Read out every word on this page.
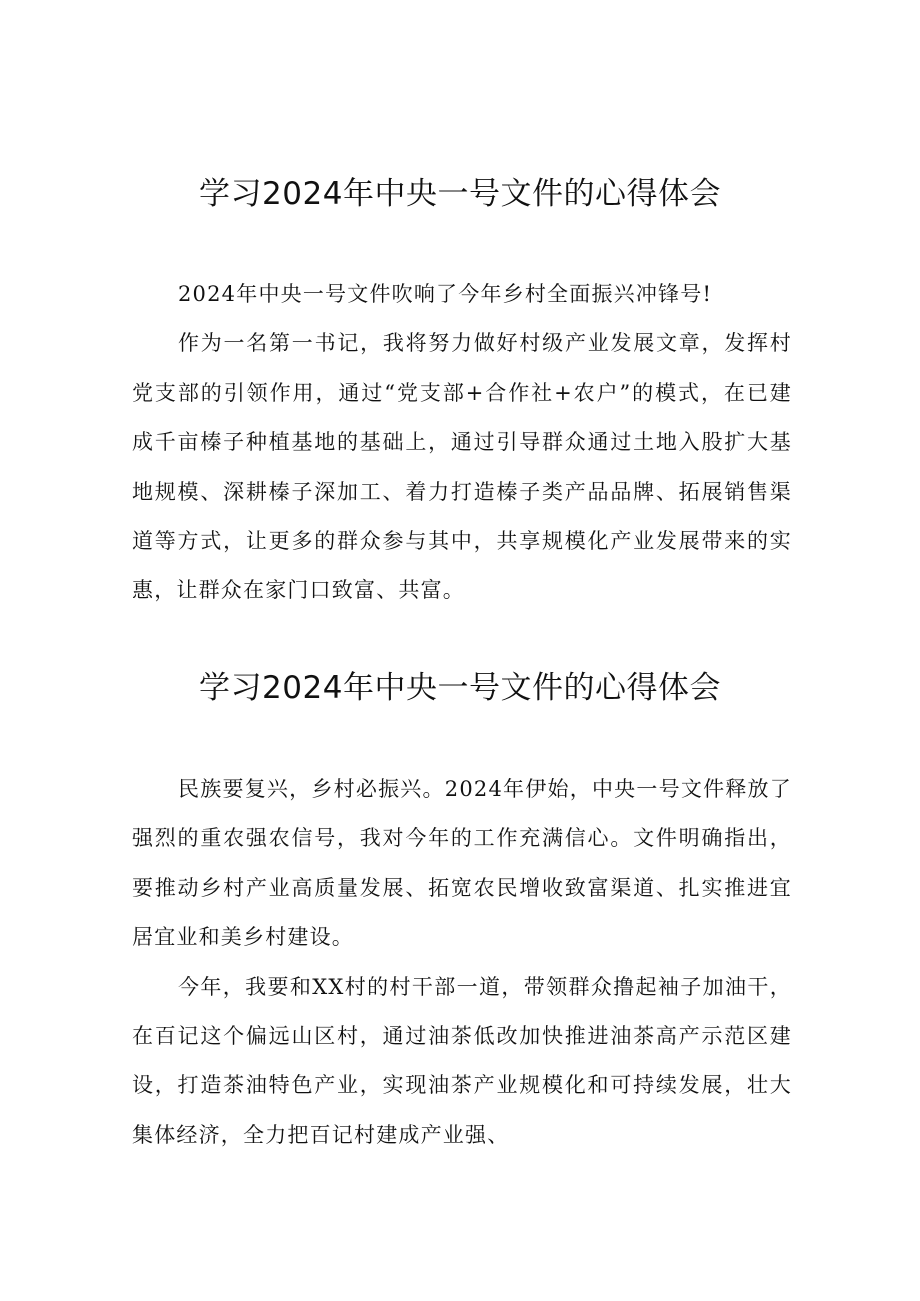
学习2024年中央一号文件的心得体会

2024年中央一号文件吹响了今年乡村全面振兴冲锋号!

作为一名第一书记，我将努力做好村级产业发展文章，发挥村党支部的引领作用，通过“党支部+合作社+农户”的模式，在已建成千亩榛子种植基地的基础上，通过引导群众通过土地入股扩大基地规模、深耕榛子深加工、着力打造榛子类产品品牌、拓展销售渠道等方式，让更多的群众参与其中，共享规模化产业发展带来的实惠，让群众在家门口致富、共富。

学习2024年中央一号文件的心得体会

民族要复兴，乡村必振兴。2024年伊始，中央一号文件释放了强烈的重农强农信号，我对今年的工作充满信心。文件明确指出，要推动乡村产业高质量发展、拓宽农民增收致富渠道、扎实推进宜居宜业和美乡村建设。

今年，我要和XX村的村干部一道，带领群众撸起袖子加油干，在百记这个偏远山区村，通过油茶低改加快推进油茶高产示范区建设，打造茶油特色产业，实现油茶产业规模化和可持续发展，壮大集体经济，全力把百记村建成产业强、
